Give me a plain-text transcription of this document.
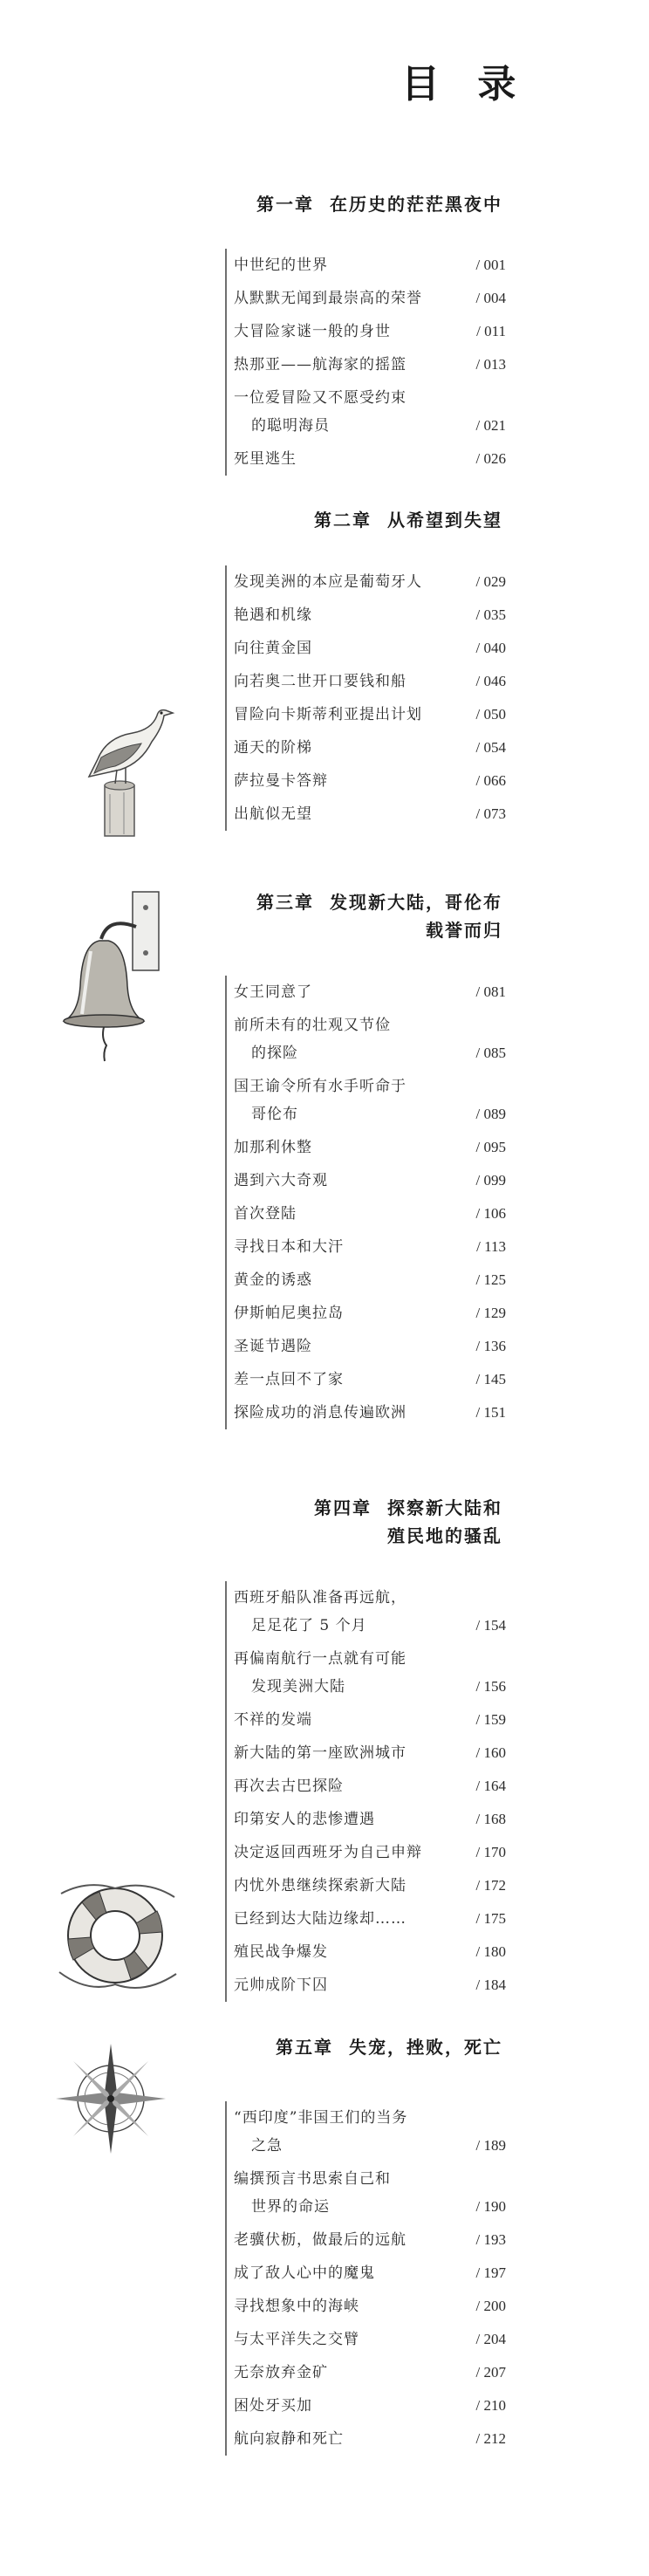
目 录
第一章 在历史的茫茫黑夜中
中世纪的世界	/ 001
从默默无闻到最崇高的荣誉	/ 004
大冒险家谜一般的身世	/ 011
热那亚——航海家的摇篮	/ 013
一位爱冒险又不愿受约束
的聪明海员	/ 021
死里逃生	/ 026
第二章 从希望到失望
发现美洲的本应是葡萄牙人	/ 029
艳遇和机缘	/ 035
向往黄金国	/ 040
向若奥二世开口要钱和船	/ 046
冒险向卡斯蒂利亚提出计划	/ 050
通天的阶梯	/ 054
萨拉曼卡答辩	/ 066
出航似无望	/ 073
第三章 发现新大陆，哥伦布
载誉而归
女王同意了	/ 081
前所未有的壮观又节俭
的探险	/ 085
国王谕令所有水手听命于
哥伦布	/ 089
加那利休整	/ 095
遇到六大奇观	/ 099
首次登陆	/ 106
寻找日本和大汗	/ 113
黄金的诱惑	/ 125
伊斯帕尼奥拉岛	/ 129
圣诞节遇险	/ 136
差一点回不了家	/ 145
探险成功的消息传遍欧洲	/ 151
第四章 探察新大陆和
殖民地的骚乱
西班牙船队准备再远航，
足足花了 5 个月	/ 154
再偏南航行一点就有可能
发现美洲大陆	/ 156
不祥的发端	/ 159
新大陆的第一座欧洲城市	/ 160
再次去古巴探险	/ 164
印第安人的悲惨遭遇	/ 168
决定返回西班牙为自己申辩	/ 170
内忧外患继续探索新大陆	/ 172
已经到达大陆边缘却……	/ 175
殖民战争爆发	/ 180
元帅成阶下囚	/ 184
第五章 失宠，挫败，死亡
“西印度”非国王们的当务
之急	/ 189
编撰预言书思索自己和
世界的命运	/ 190
老骥伏枥，做最后的远航	/ 193
成了敌人心中的魔鬼	/ 197
寻找想象中的海峡	/ 200
与太平洋失之交臂	/ 204
无奈放弃金矿	/ 207
困处牙买加	/ 210
航向寂静和死亡	/ 212
